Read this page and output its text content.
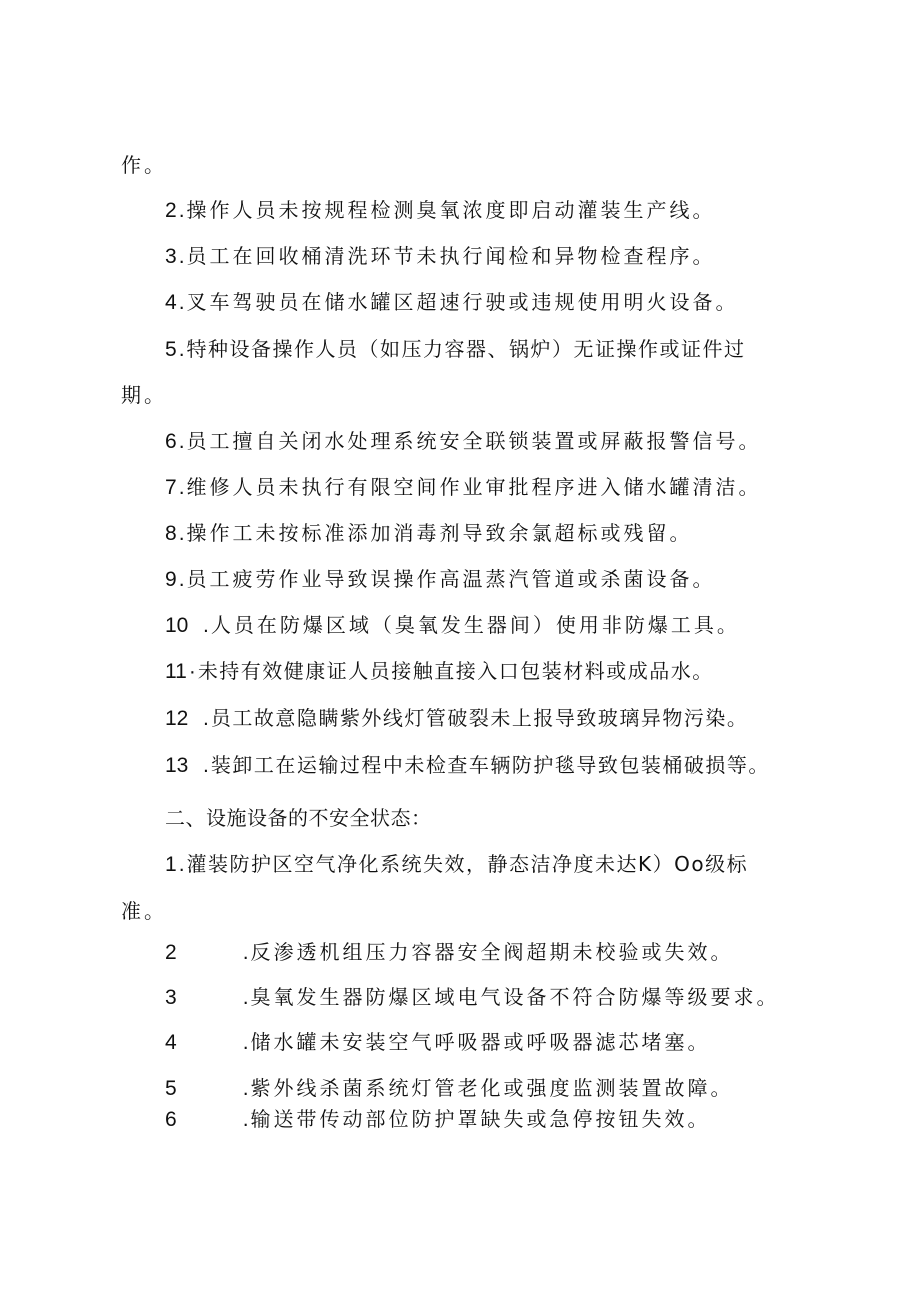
作。
2. 操作人员未按规程检测臭氧浓度即启动灌装生产线。
3. 员工在回收桶清洗环节未执行闻检和异物检查程序。
4. 叉车驾驶员在储水罐区超速行驶或违规使用明火设备。
5. 特种设备操作人员（如压力容器、锅炉）无证操作或证件过
期。
6. 员工擅自关闭水处理系统安全联锁装置或屏蔽报警信号。
7. 维修人员未执行有限空间作业审批程序进入储水罐清洁。
8. 操作工未按标准添加消毒剂导致余氯超标或残留。
9. 员工疲劳作业导致误操作高温蒸汽管道或杀菌设备。
10 . 人员在防爆区域（臭氧发生器间）使用非防爆工具。
11· 未持有效健康证人员接触直接入口包装材料或成品水。
12 . 员工故意隐瞒紫外线灯管破裂未上报导致玻璃异物污染。
13 . 装卸工在运输过程中未检查车辆防护毯导致包装桶破损等。
二、设施设备的不安全状态：
1. 灌装防护区空气净化系统失效，静态洁净度未达K）Oo级标
准。
2	. 反渗透机组压力容器安全阀超期未校验或失效。
3	. 臭氧发生器防爆区域电气设备不符合防爆等级要求。
4	. 储水罐未安装空气呼吸器或呼吸器滤芯堵塞。
5	. 紫外线杀菌系统灯管老化或强度监测装置故障。
6	. 输送带传动部位防护罩缺失或急停按钮失效。
